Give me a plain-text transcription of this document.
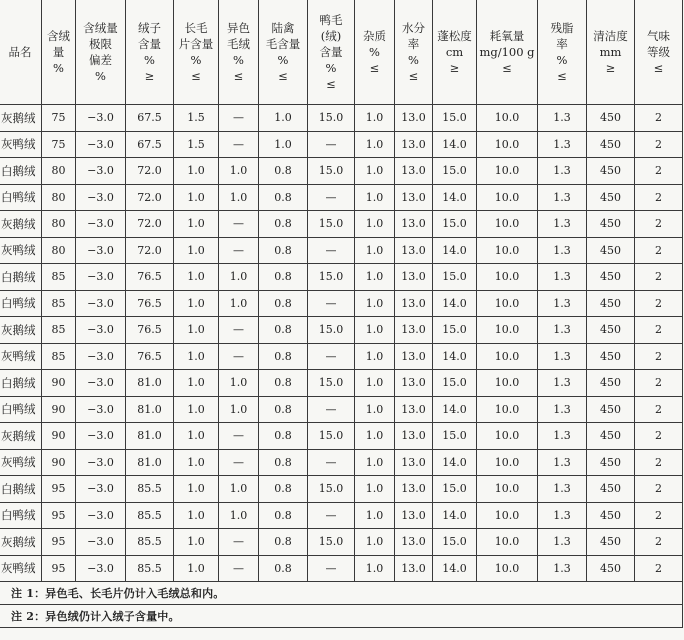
品名	含绒
量
%	含绒量
极限
偏差
%	绒子
含量
%
≥	长毛
片含量
%
≤	异色
毛绒
%
≤	陆禽
毛含量
%
≤	鸭毛
(绒)
含量
%
≤	杂质
%
≤	水分
率
%
≤	蓬松度
cm
≥	耗氧量
mg/100 g
≤	残脂
率
%
≤	清洁度
mm
≥	气味
等级
≤

灰鹅绒	75	−3.0	67.5	1.5	—	1.0	15.0	1.0	13.0	15.0	10.0	1.3	450	2
灰鸭绒	75	−3.0	67.5	1.5	—	1.0	—	1.0	13.0	14.0	10.0	1.3	450	2
白鹅绒	80	−3.0	72.0	1.0	1.0	0.8	15.0	1.0	13.0	15.0	10.0	1.3	450	2
白鸭绒	80	−3.0	72.0	1.0	1.0	0.8	—	1.0	13.0	14.0	10.0	1.3	450	2
灰鹅绒	80	−3.0	72.0	1.0	—	0.8	15.0	1.0	13.0	15.0	10.0	1.3	450	2
灰鸭绒	80	−3.0	72.0	1.0	—	0.8	—	1.0	13.0	14.0	10.0	1.3	450	2
白鹅绒	85	−3.0	76.5	1.0	1.0	0.8	15.0	1.0	13.0	15.0	10.0	1.3	450	2
白鸭绒	85	−3.0	76.5	1.0	1.0	0.8	—	1.0	13.0	14.0	10.0	1.3	450	2
灰鹅绒	85	−3.0	76.5	1.0	—	0.8	15.0	1.0	13.0	15.0	10.0	1.3	450	2
灰鸭绒	85	−3.0	76.5	1.0	—	0.8	—	1.0	13.0	14.0	10.0	1.3	450	2
白鹅绒	90	−3.0	81.0	1.0	1.0	0.8	15.0	1.0	13.0	15.0	10.0	1.3	450	2
白鸭绒	90	−3.0	81.0	1.0	1.0	0.8	—	1.0	13.0	14.0	10.0	1.3	450	2
灰鹅绒	90	−3.0	81.0	1.0	—	0.8	15.0	1.0	13.0	15.0	10.0	1.3	450	2
灰鸭绒	90	−3.0	81.0	1.0	—	0.8	—	1.0	13.0	14.0	10.0	1.3	450	2
白鹅绒	95	−3.0	85.5	1.0	1.0	0.8	15.0	1.0	13.0	15.0	10.0	1.3	450	2
白鸭绒	95	−3.0	85.5	1.0	1.0	0.8	—	1.0	13.0	14.0	10.0	1.3	450	2
灰鹅绒	95	−3.0	85.5	1.0	—	0.8	15.0	1.0	13.0	15.0	10.0	1.3	450	2
灰鸭绒	95	−3.0	85.5	1.0	—	0.8	—	1.0	13.0	14.0	10.0	1.3	450	2
注 1：异色毛、长毛片仍计入毛绒总和内。														
注 2：异色绒仍计入绒子含量中。														
